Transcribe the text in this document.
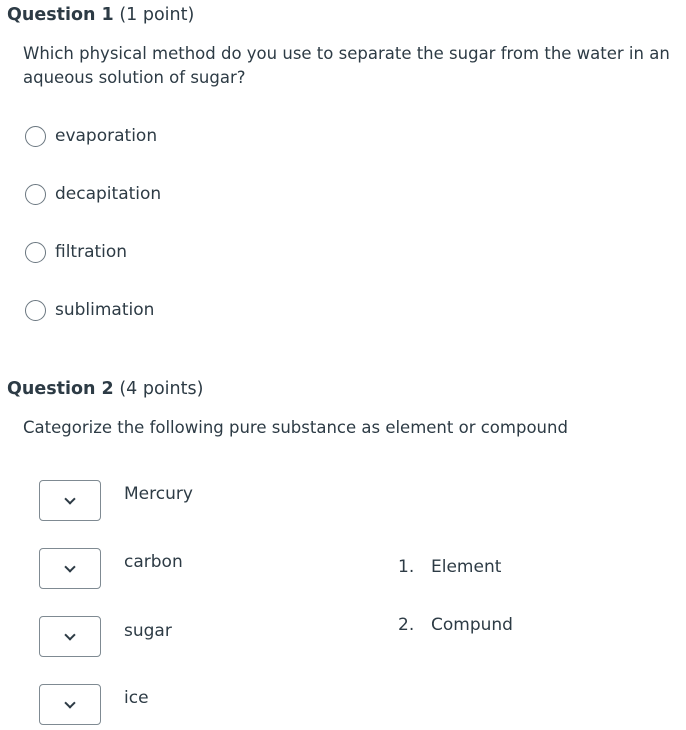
Question 1 (1 point)
Which physical method do you use to separate the sugar from the water in an aqueous solution of sugar?
evaporation
decapitation
filtration
sublimation
Question 2 (4 points)
Categorize the following pure substance as element or compound
Mercury
carbon
sugar
ice
1. Element
2. Compund
